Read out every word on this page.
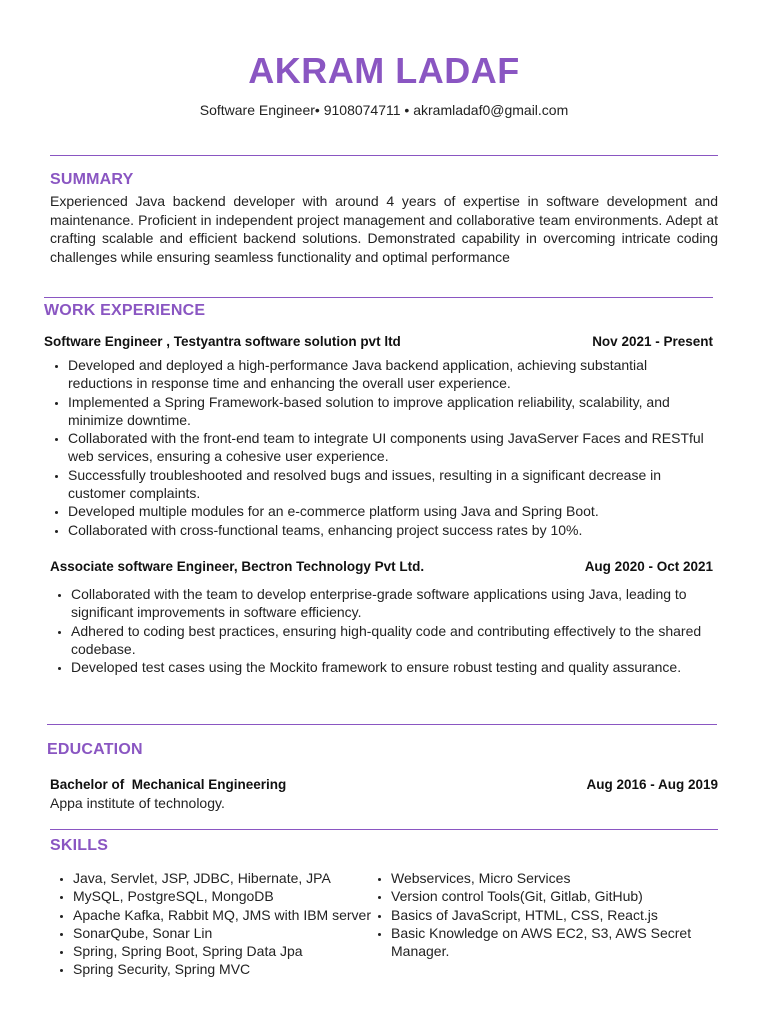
AKRAM LADAF
Software Engineer• 9108074711 • akramladaf0@gmail.com
SUMMARY
Experienced Java backend developer with around 4 years of expertise in software development and maintenance. Proficient in independent project management and collaborative team environments. Adept at crafting scalable and efficient backend solutions. Demonstrated capability in overcoming intricate coding challenges while ensuring seamless functionality and optimal performance
WORK EXPERIENCE
Software Engineer , Testyantra software solution pvt ltd	Nov 2021 - Present
• Developed and deployed a high-performance Java backend application, achieving substantial reductions in response time and enhancing the overall user experience.
• Implemented a Spring Framework-based solution to improve application reliability, scalability, and minimize downtime.
• Collaborated with the front-end team to integrate UI components using JavaServer Faces and RESTful web services, ensuring a cohesive user experience.
• Successfully troubleshooted and resolved bugs and issues, resulting in a significant decrease in customer complaints.
• Developed multiple modules for an e-commerce platform using Java and Spring Boot.
• Collaborated with cross-functional teams, enhancing project success rates by 10%.
Associate software Engineer, Bectron Technology Pvt Ltd.	Aug 2020 - Oct 2021
• Collaborated with the team to develop enterprise-grade software applications using Java, leading to significant improvements in software efficiency.
• Adhered to coding best practices, ensuring high-quality code and contributing effectively to the shared codebase.
• Developed test cases using the Mockito framework to ensure robust testing and quality assurance.
EDUCATION
Bachelor of  Mechanical Engineering	Aug 2016 - Aug 2019
Appa institute of technology.
SKILLS
• Java, Servlet, JSP, JDBC, Hibernate, JPA
• MySQL, PostgreSQL, MongoDB
• Apache Kafka, Rabbit MQ, JMS with IBM server
• SonarQube, Sonar Lin
• Spring, Spring Boot, Spring Data Jpa
• Spring Security, Spring MVC
• Webservices, Micro Services
• Version control Tools(Git, Gitlab, GitHub)
• Basics of JavaScript, HTML, CSS, React.js
• Basic Knowledge on AWS EC2, S3, AWS Secret Manager.
